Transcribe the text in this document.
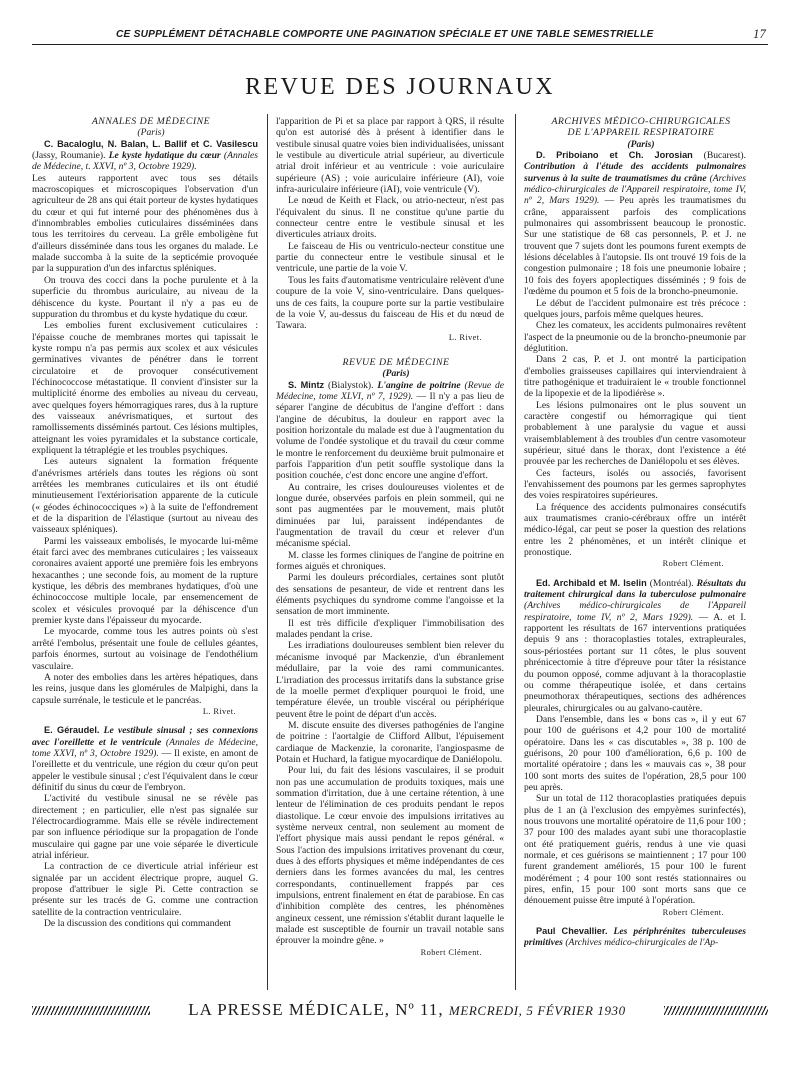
CE SUPPLÉMENT DÉTACHABLE COMPORTE UNE PAGINATION SPÉCIALE ET UNE TABLE SEMESTRIELLE	17
REVUE DES JOURNAUX

ANNALES DE MÉDECINE

(Paris)

C. Bacaloglu, N. Balan, L. Ballif et C. Vasilescu (Jassy, Roumanie). Le kyste hydatique du cœur (Annales de Médecine, t. XXVI, nº 3, Octobre 1929).

Les auteurs rapportent avec tous ses détails macroscopiques et microscopiques l'observation d'un agriculteur de 28 ans qui était porteur de kystes hydatiques du cœur et qui fut interné pour des phénomènes dus à d'innombrables embolies cuticulaires disséminées dans tous les territoires du cerveau. La grêle emboligène fut d'ailleurs disséminée dans tous les organes du malade. Le malade succomba à la suite de la septicémie provoquée par la suppuration d'un des infarctus spléniques.

On trouva des cocci dans la poche purulente et à la superficie du thrombus auriculaire, au niveau de la déhiscence du kyste. Pourtant il n'y a pas eu de suppuration du thrombus et du kyste hydatique du cœur.

Les embolies furent exclusivement cuticulaires : l'épaisse couche de membranes mortes qui tapissait le kyste rompu n'a pas permis aux scolex et aux vésicules germinatives vivantes de pénétrer dans le torrent circulatoire et de provoquer consécutivement l'échinococcose métastatique. Il convient d'insister sur la multiplicité énorme des embolies au niveau du cerveau, avec quelques foyers hémorragiques rares, dus à la rupture des vaisseaux anévrismatiques, et surtout des ramollissements disséminés partout. Ces lésions multiples, atteignant les voies pyramidales et la substance corticale, expliquent la tétraplégie et les troubles psychiques.

Les auteurs signalent la formation fréquente d'anévrismes artériels dans toutes les régions où sont arrêtées les membranes cuticulaires et ils ont étudié minutieusement l'extériorisation apparente de la cuticule (« géodes échinococciques ») à la suite de l'effondrement et de la disparition de l'élastique (surtout au niveau des vaisseaux spléniques).

Parmi les vaisseaux embolisés, le myocarde lui-même était farci avec des membranes cuticulaires ; les vaisseaux coronaires avaient apporté une première fois les embryons hexacanthes ; une seconde fois, au moment de la rupture kystique, les débris des membranes hydatiques, d'où une échinococcose multiple locale, par ensemencement de scolex et vésicules provoqué par la déhiscence d'un premier kyste dans l'épaisseur du myocarde.

Le myocarde, comme tous les autres points où s'est arrêté l'embolus, présentait une foule de cellules géantes, parfois énormes, surtout au voisinage de l'endothélium vasculaire.

A noter des embolies dans les artères hépatiques, dans les reins, jusque dans les glomérules de Malpighi, dans la capsule surrénale, le testicule et le pancréas.

L. Rivet.

E. Géraudel. Le vestibule sinusal ; ses connexions avec l'oreillette et le ventricule (Annales de Médecine, tome XXVI, nº 3, Octobre 1929). — Il existe, en amont de l'oreillette et du ventricule, une région du cœur qu'on peut appeler le vestibule sinusal ; c'est l'équivalent dans le cœur définitif du sinus du cœur de l'embryon.

L'activité du vestibule sinusal ne se révèle pas directement ; en particulier, elle n'est pas signalée sur l'électrocardiogramme. Mais elle se révèle indirectement par son influence périodique sur la propagation de l'onde musculaire qui gagne par une voie séparée le diverticule atrial inférieur.

La contraction de ce diverticule atrial inférieur est signalée par un accident électrique propre, auquel G. propose d'attribuer le sigle Pi. Cette contraction se présente sur les tracés de G. comme une contraction satellite de la contraction ventriculaire.

De la discussion des conditions qui commandent

l'apparition de Pi et sa place par rapport à QRS, il résulte qu'on est autorisé dès à présent à identifier dans le vestibule sinusal quatre voies bien individualisées, unissant le vestibule au diverticule atrial supérieur, au diverticule atrial droit inférieur et au ventricule : voie auriculaire supérieure (AS) ; voie auriculaire inférieure (AI), voie infra-auriculaire inférieure (iAI), voie ventricule (V).

Le nœud de Keith et Flack, ou atrio-necteur, n'est pas l'équivalent du sinus. Il ne constitue qu'une partie du connecteur centre entre le vestibule sinusal et les diverticules atriaux droits.

Le faisceau de His ou ventriculo-necteur constitue une partie du connecteur entre le vestibule sinusal et le ventricule, une partie de la voie V.

Tous les faits d'automatisme ventriculaire relèvent d'une coupure de la voie V, sino-ventriculaire. Dans quelques-uns de ces faits, la coupure porte sur la partie vestibulaire de la voie V, au-dessus du faisceau de His et du nœud de Tawara.

L. Rivet.

REVUE DE MÉDECINE

(Paris)

S. Mintz (Bialystok). L'angine de poitrine (Revue de Médecine, tome XLVI, nº 7, 1929). — Il n'y a pas lieu de séparer l'angine de décubitus de l'angine d'effort : dans l'angine de décubitus, la douleur en rapport avec la position horizontale du malade est due à l'augmentation du volume de l'ondée systolique et du travail du cœur comme le montre le renforcement du deuxième bruit pulmonaire et parfois l'apparition d'un petit souffle systolique dans la position couchée, c'est donc encore une angine d'effort.

Au contraire, les crises douloureuses violentes et de longue durée, observées parfois en plein sommeil, qui ne sont pas augmentées par le mouvement, mais plutôt diminuées par lui, paraissent indépendantes de l'augmentation de travail du cœur et relever d'un mécanisme spécial.

M. classe les formes cliniques de l'angine de poitrine en formes aiguës et chroniques.

Parmi les douleurs précordiales, certaines sont plutôt des sensations de pesanteur, de vide et rentrent dans les éléments psychiques du syndrome comme l'angoisse et la sensation de mort imminente.

Il est très difficile d'expliquer l'immobilisation des malades pendant la crise.

Les irradiations douloureuses semblent bien relever du mécanisme invoqué par Mackenzie, d'un ébranlement médullaire, par la voie des rami communicantes. L'irradiation des processus irritatifs dans la substance grise de la moelle permet d'expliquer pourquoi le froid, une température élevée, un trouble viscéral ou périphérique peuvent être le point de départ d'un accès.

M. discute ensuite des diverses pathogénies de l'angine de poitrine : l'aortalgie de Clifford Allbut, l'épuisement cardiaque de Mackenzie, la coronarite, l'angiospasme de Potain et Huchard, la fatigue myocardique de Daniélopolu.

Pour lui, du fait des lésions vasculaires, il se produit non pas une accumulation de produits toxiques, mais une sommation d'irritation, due à une certaine rétention, à une lenteur de l'élimination de ces produits pendant le repos diastolique. Le cœur envoie des impulsions irritatives au système nerveux central, non seulement au moment de l'effort physique mais aussi pendant le repos général. « Sous l'action des impulsions irritatives provenant du cœur, dues à des efforts physiques et même indépendantes de ces derniers dans les formes avancées du mal, les centres correspondants, continuellement frappés par ces impulsions, entrent finalement en état de parabiose. En cas d'inhibition complète des centres, les phénomènes angineux cessent, une rémission s'établit durant laquelle le malade est susceptible de fournir un travail notable sans éprouver la moindre gêne. »

Robert Clément.

ARCHIVES MÉDICO-CHIRURGICALES

DE L'APPAREIL RESPIRATOIRE

(Paris)

D. Priboiano et Ch. Jorosian (Bucarest). Contribution à l'étude des accidents pulmonaires survenus à la suite de traumatismes du crâne (Archives médico-chirurgicales de l'Appareil respiratoire, tome IV, nº 2, Mars 1929). — Peu après les traumatismes du crâne, apparaissent parfois des complications pulmonaires qui assombrissent beaucoup le pronostic. Sur une statistique de 68 cas personnels, P. et J. ne trouvent que 7 sujets dont les poumons furent exempts de lésions décelables à l'autopsie. Ils ont trouvé 19 fois de la congestion pulmonaire ; 18 fois une pneumonie lobaire ; 10 fois des foyers apoplectiques disséminés ; 9 fois de l'œdème du poumon et 5 fois de la broncho-pneumonie.

Le début de l'accident pulmonaire est très précoce : quelques jours, parfois même quelques heures.

Chez les comateux, les accidents pulmonaires revêtent l'aspect de la pneumonie ou de la broncho-pneumonie par déglutition.

Dans 2 cas, P. et J. ont montré la participation d'embolies graisseuses capillaires qui interviendraient à titre pathogénique et traduiraient le « trouble fonctionnel de la lipopexie et de la lipodiérèse ».

Les lésions pulmonaires ont le plus souvent un caractère congestif ou hémorragique qui tient probablement à une paralysie du vague et aussi vraisemblablement à des troubles d'un centre vasomoteur supérieur, situé dans le thorax, dont l'existence a été prouvée par les recherches de Daniélopolu et ses élèves.

Ces facteurs, isolés ou associés, favorisent l'envahissement des poumons par les germes saprophytes des voies respiratoires supérieures.

La fréquence des accidents pulmonaires consécutifs aux traumatismes cranio-cérébraux offre un intérêt médico-légal, car peut se poser la question des relations entre les 2 phénomènes, et un intérêt clinique et pronostique.

Robert Clément.

Ed. Archibald et M. Iselin (Montréal). Résultats du traitement chirurgical dans la tuberculose pulmonaire (Archives médico-chirurgicales de l'Appareil respiratoire, tome IV, nº 2, Mars 1929). — A. et I. rapportent les résultats de 167 interventions pratiquées depuis 9 ans : thoracoplasties totales, extrapleurales, sous-périostées portant sur 11 côtes, le plus souvent phrénicectomie à titre d'épreuve pour tâter la résistance du poumon opposé, comme adjuvant à la thoracoplastie ou comme thérapeutique isolée, et dans certains pneumothorax thérapeutiques, sections des adhérences pleurales, chirurgicales ou au galvano-cautère.

Dans l'ensemble, dans les « bons cas », il y eut 67 pour 100 de guérisons et 4,2 pour 100 de mortalité opératoire. Dans les « cas discutables », 38 p. 100 de guérisons, 20 pour 100 d'amélioration, 6,6 p. 100 de mortalité opératoire ; dans les « mauvais cas », 38 pour 100 sont morts des suites de l'opération, 28,5 pour 100 peu après.

Sur un total de 112 thoracoplasties pratiquées depuis plus de 1 an (à l'exclusion des empyèmes surinfectés), nous trouvons une mortalité opératoire de 11,6 pour 100 ; 37 pour 100 des malades ayant subi une thoracoplastie ont été pratiquement guéris, rendus à une vie quasi normale, et ces guérisons se maintiennent ; 17 pour 100 furent grandement améliorés, 15 pour 100 le furent modérément ; 4 pour 100 sont restés stationnaires ou pires, enfin, 15 pour 100 sont morts sans que ce dénouement puisse être imputé à l'opération.

Robert Clément.

Paul Chevallier. Les périphrénites tuberculeuses primitives (Archives médico-chirurgicales de l'Ap-

LA PRESSE MÉDICALE, Nº 11, MERCREDI, 5 FÉVRIER 1930
